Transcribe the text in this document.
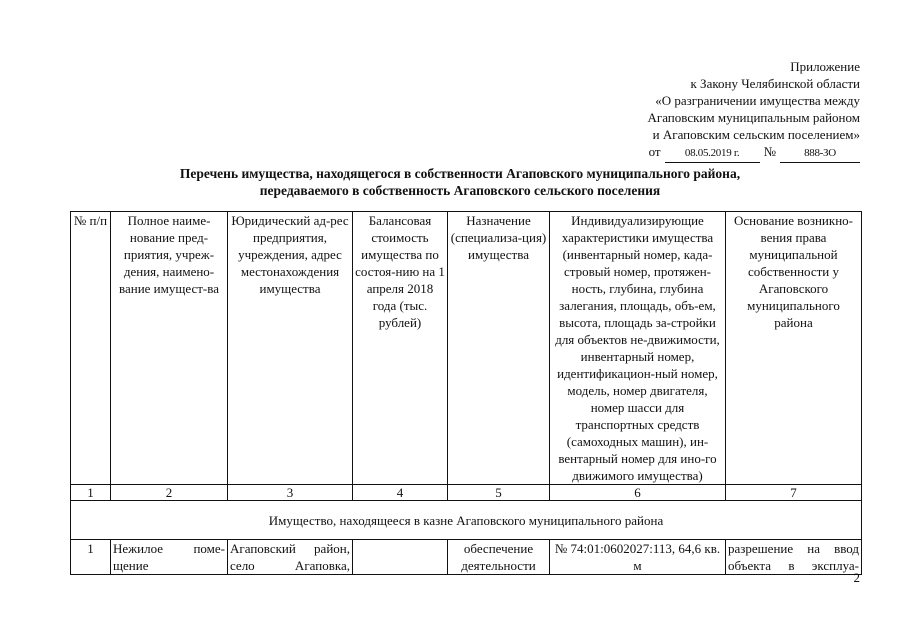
Приложение
к Закону Челябинской области
«О разграничении имущества между
Агаповским муниципальным районом
и Агаповским сельским поселением»
от	08.05.2019 г.	№	888-ЗО
Перечень имущества, находящегося в собственности Агаповского муниципального района,
передаваемого в собственность Агаповского сельского поселения
№ п/п	Полное наиме-нование пред-приятия, учреж-дения, наимено-вание имущест-ва	Юридический ад-рес предприятия, учреждения, адрес местонахождения имущества	Балансовая стоимость имущества по состоя-нию на 1 апреля 2018 года (тыс. рублей)	Назначение (специализа-ция) имущества	Индивидуализирующие характеристики имущества (инвентарный номер, када-стровый номер, протяжен-ность, глубина, глубина залегания, площадь, объ-ем, высота, площадь за-стройки для объектов не-движимости, инвентарный номер, идентификацион-ный номер, модель, номер двигателя, номер шасси для транспортных средств (самоходных машин), ин-вентарный номер для ино-го движимого имущества)	Основание возникно-вения права муниципальной собственности у Агаповского муниципального района
1	2	3	4	5	6	7
Имущество, находящееся в казне Агаповского муниципального района						
1	Нежилое поме-щение	Агаповский район, село Агаповка,		обеспечение деятельности	№ 74:01:0602027:113, 64,6 кв. м	разрешение на ввод объекта в эксплуа-
2
